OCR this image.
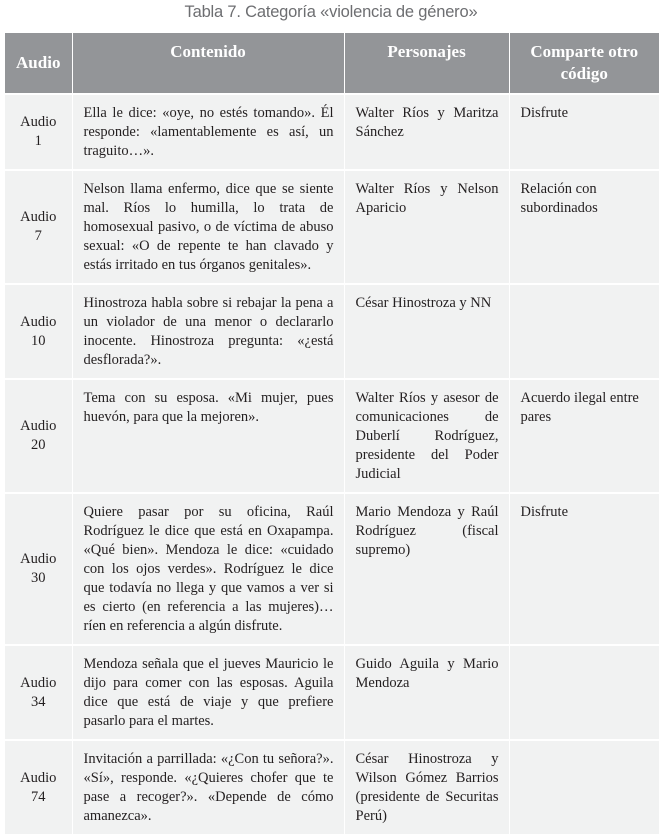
Tabla 7. Categoría «violencia de género»
Audio	Contenido	Personajes	Comparte otro código
Audio
1	Ella le dice: «oye, no estés tomando». Él responde: «lamentablemente es así, un traguito…».	Walter Ríos y Maritza Sánchez	Disfrute
Audio
7	Nelson llama enfermo, dice que se siente mal. Ríos lo humilla, lo trata de homosexual pasivo, o de víctima de abuso sexual: «O de repente te han clavado y estás irritado en tus órganos genitales».	Walter Ríos y Nelson Aparicio	Relación con subordinados
Audio
10	Hinostroza habla sobre si rebajar la pena a un violador de una menor o declararlo inocente. Hinostroza pregunta: «¿está desflorada?».	César Hinostroza y NN	
Audio
20	Tema con su esposa. «Mi mujer, pues huevón, para que la mejoren».	Walter Ríos y asesor de comunicaciones de Duberlí Rodríguez, presidente del Poder Judicial	Acuerdo ilegal entre pares
Audio
30	Quiere pasar por su oficina, Raúl Rodríguez le dice que está en Oxapampa. «Qué bien». Mendoza le dice: «cuidado con los ojos verdes». Rodríguez le dice que todavía no llega y que vamos a ver si es cierto (en referencia a las mujeres)… ríen en referencia a algún disfrute.	Mario Mendoza y Raúl Rodríguez (fiscal supremo)	Disfrute
Audio
34	Mendoza señala que el jueves Mauricio le dijo para comer con las esposas. Aguila dice que está de viaje y que prefiere pasarlo para el martes.	Guido Aguila y Mario Mendoza	
Audio
74	Invitación a parrillada: «¿Con tu señora?». «Sí», responde. «¿Quieres chofer que te pase a recoger?». «Depende de cómo amanezca».	César Hinostroza y Wilson Gómez Barrios (presidente de Securitas Perú)	
